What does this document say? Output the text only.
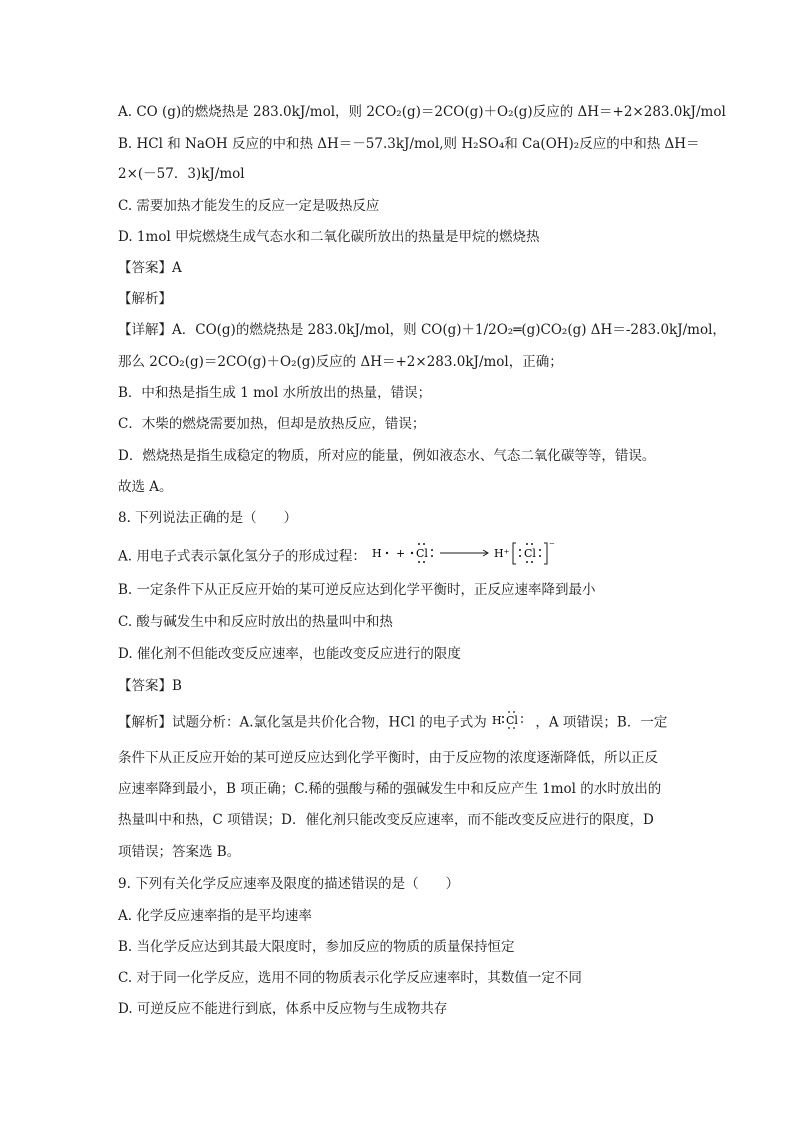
A. CO (g)的燃烧热是 283.0kJ/mol，则 2CO₂(g)＝2CO(g)＋O₂(g)反应的 ΔH＝+2×283.0kJ/mol
B. HCl 和 NaOH 反应的中和热 ΔH＝－57.3kJ/mol,则 H₂SO₄和 Ca(OH)₂反应的中和热 ΔH＝
2×(－57．3)kJ/mol
C. 需要加热才能发生的反应一定是吸热反应
D. 1mol 甲烷燃烧生成气态水和二氧化碳所放出的热量是甲烷的燃烧热
【答案】A
【解析】
【详解】A．CO(g)的燃烧热是 283.0kJ/mol，则 CO(g)＋1/2O₂═(g)CO₂(g) ΔH＝-283.0kJ/mol，
那么 2CO₂(g)＝2CO(g)＋O₂(g)反应的 ΔH＝+2×283.0kJ/mol，正确；
B．中和热是指生成 1 mol 水所放出的热量，错误；
C．木柴的燃烧需要加热，但却是放热反应，错误；
D．燃烧热是指生成稳定的物质，所对应的能量，例如液态水、气态二氧化碳等等，错误。
故选 A。
8. 下列说法正确的是（　　）
A. 用电子式表示氯化氢分子的形成过程： H + Cl	H⁺ Cl
⁻
B. 一定条件下从正反应开始的某可逆反应达到化学平衡时，正反应速率降到最小
C. 酸与碱发生中和反应时放出的热量叫中和热
D. 催化剂不但能改变反应速率，也能改变反应进行的限度
【答案】B
【解析】试题分析：A.氯化氢是共价化合物，HCl 的电子式为 H Cl ，A 项错误；B．一定
条件下从正反应开始的某可逆反应达到化学平衡时，由于反应物的浓度逐渐降低，所以正反
应速率降到最小，B 项正确；C.稀的强酸与稀的强碱发生中和反应产生 1mol 的水时放出的
热量叫中和热，C 项错误；D．催化剂只能改变反应速率，而不能改变反应进行的限度，D
项错误；答案选 B。
9. 下列有关化学反应速率及限度的描述错误的是（　　）
A. 化学反应速率指的是平均速率
B. 当化学反应达到其最大限度时，参加反应的物质的质量保持恒定
C. 对于同一化学反应，选用不同的物质表示化学反应速率时，其数值一定不同
D. 可逆反应不能进行到底，体系中反应物与生成物共存
